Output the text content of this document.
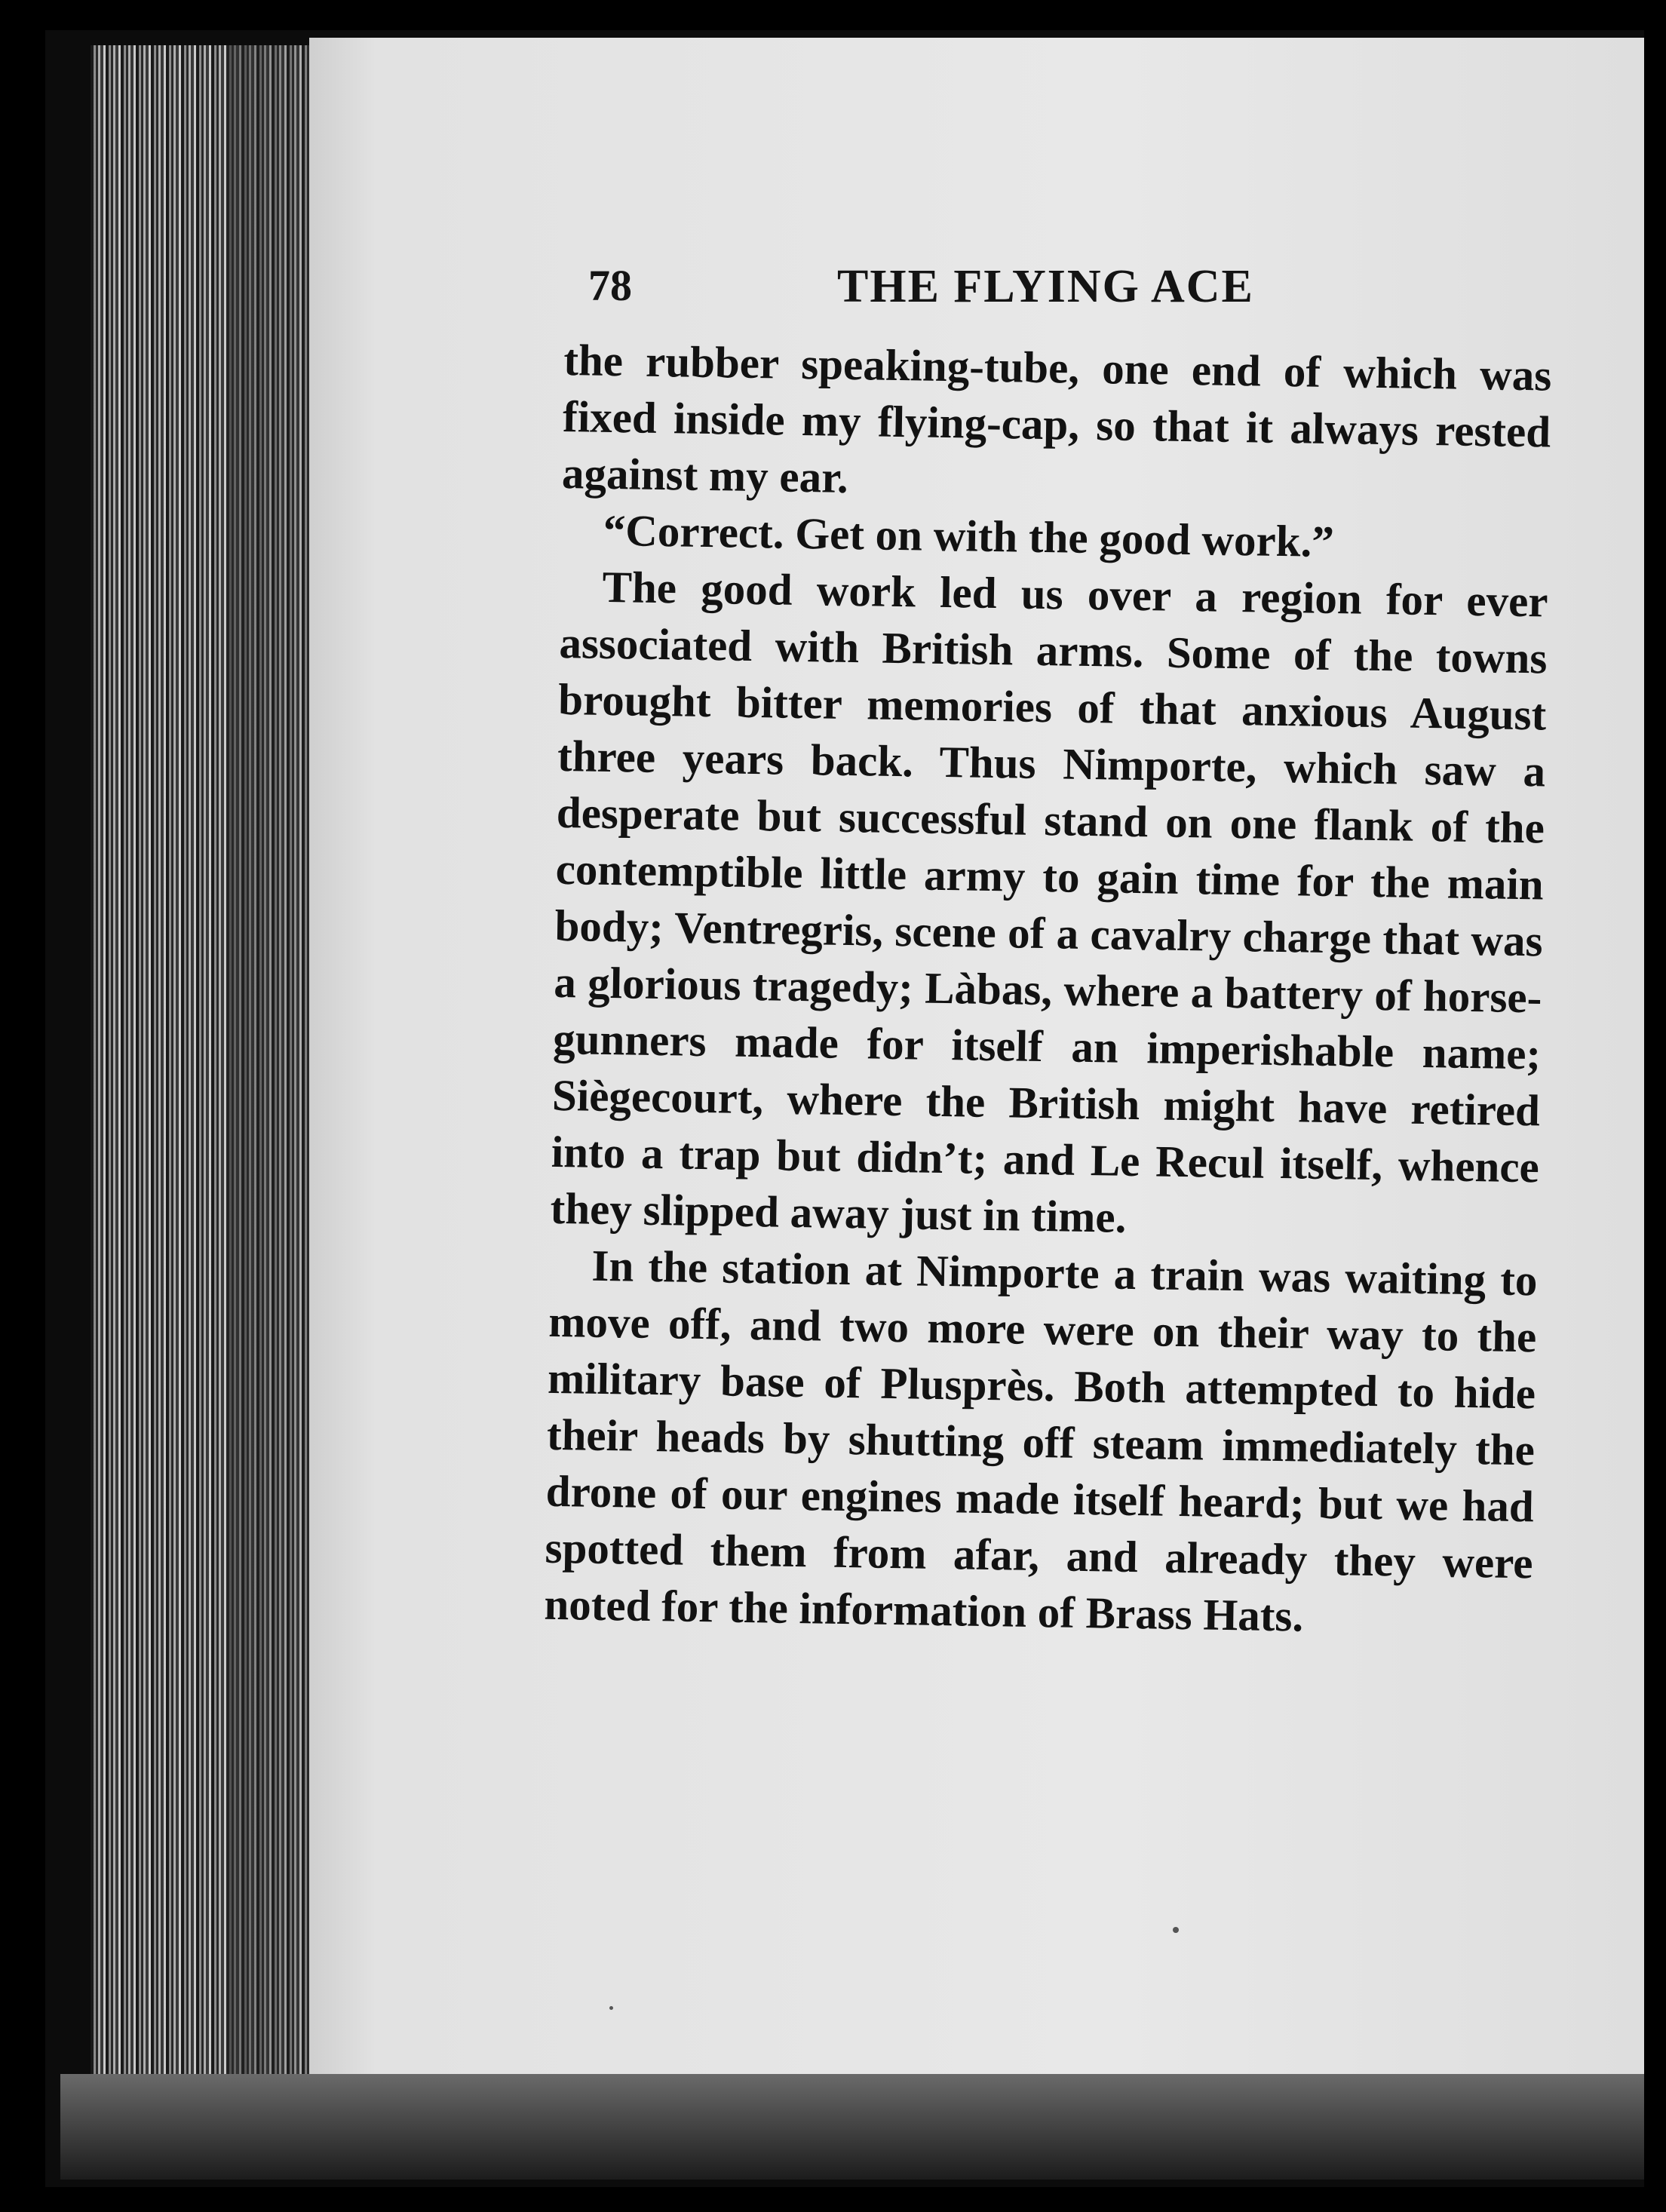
78	THE FLYING ACE

the rubber speaking-tube, one end of which was fixed inside my flying-cap, so that it always rested against my ear.

“Correct. Get on with the good work.”

The good work led us over a region for ever associated with British arms. Some of the towns brought bitter memories of that anxious August three years back. Thus Nimporte, which saw a desperate but successful stand on one flank of the contemptible little army to gain time for the main body; Ventregris, scene of a cavalry charge that was a glorious tragedy; Làbas, where a battery of horse-gunners made for itself an imperishable name; Siègecourt, where the British might have retired into a trap but didn’t; and Le Recul itself, whence they slipped away just in time.

In the station at Nimporte a train was waiting to move off, and two more were on their way to the military base of Plusprès. Both attempted to hide their heads by shutting off steam immediately the drone of our engines made itself heard; but we had spotted them from afar, and already they were noted for the information of Brass Hats.
